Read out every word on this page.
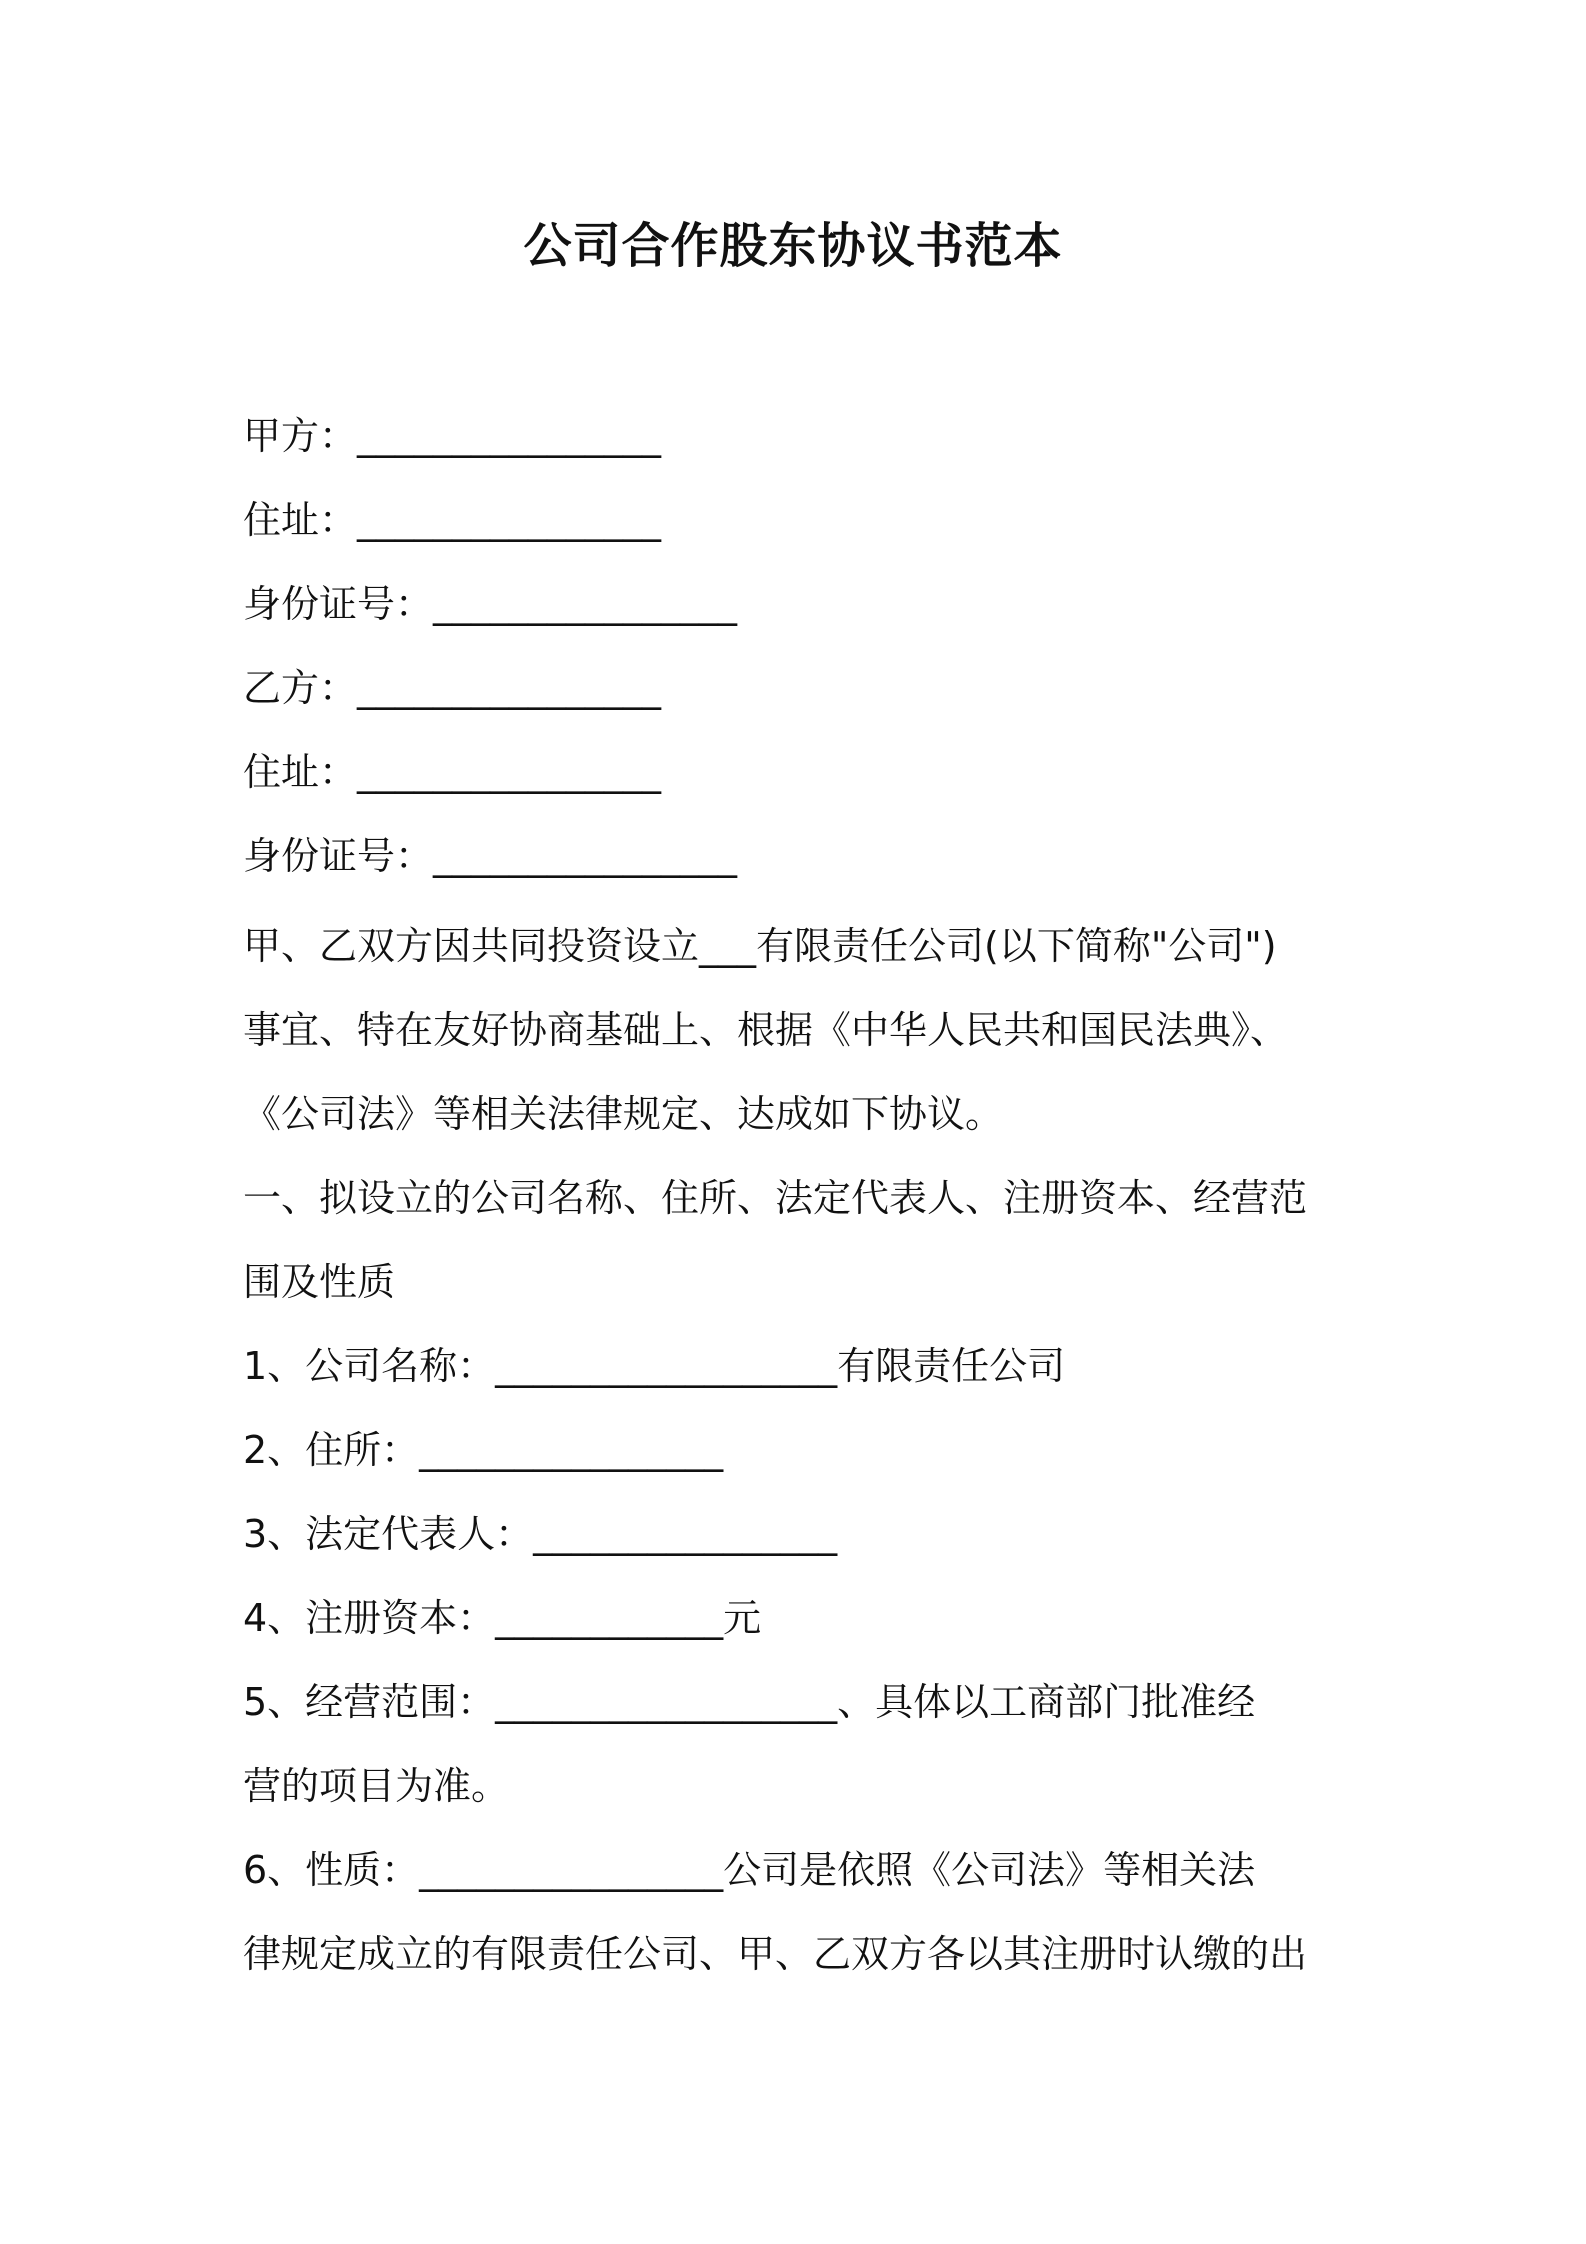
公司合作股东协议书范本
甲方：________________
住址：________________
身份证号：________________
乙方：________________
住址：________________
身份证号：________________
甲、乙双方因共同投资设立___有限责任公司(以下简称"公司")
事宜、特在友好协商基础上、根据《中华人民共和国民法典》、
《公司法》等相关法律规定、达成如下协议。
一、拟设立的公司名称、住所、法定代表人、注册资本、经营范
围及性质
1、公司名称：__________________有限责任公司
2、住所：________________
3、法定代表人：________________
4、注册资本：____________元
5、经营范围：__________________、具体以工商部门批准经
营的项目为准。
6、性质：________________公司是依照《公司法》等相关法
律规定成立的有限责任公司、甲、乙双方各以其注册时认缴的出
